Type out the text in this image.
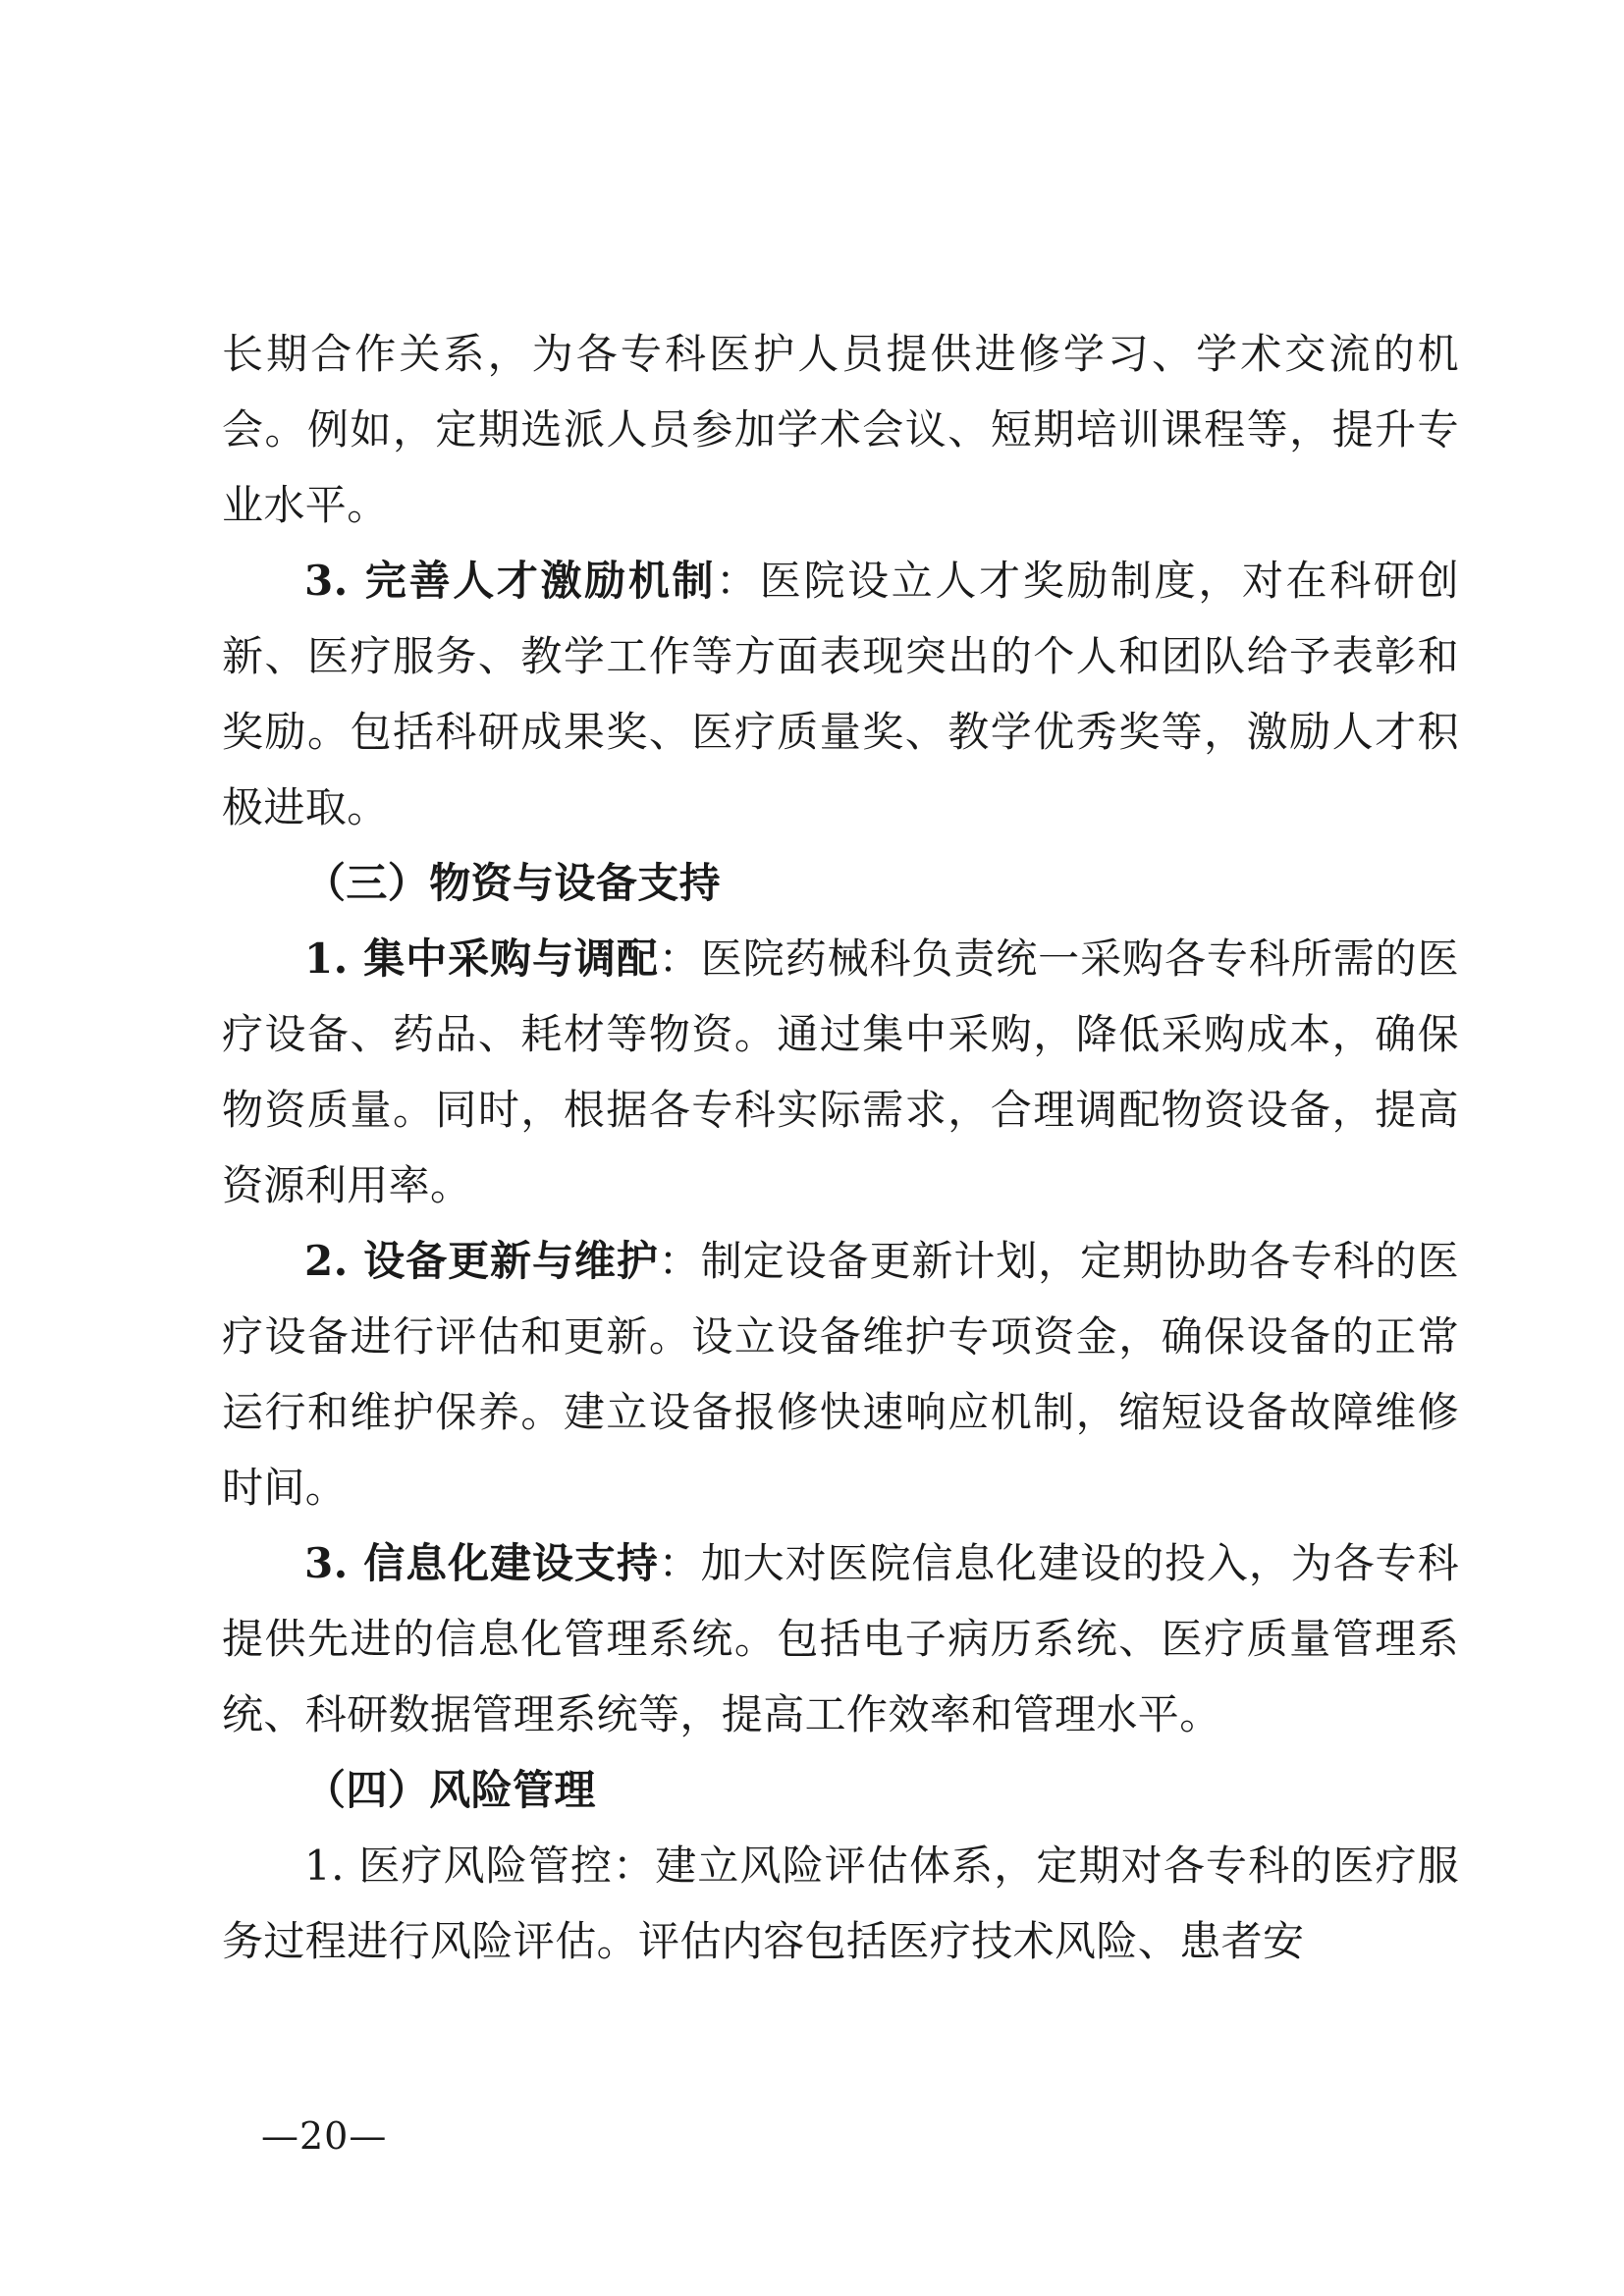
长期合作关系，为各专科医护人员提供进修学习、学术交流的机会。例如，定期选派人员参加学术会议、短期培训课程等，提升专业水平。

3. 完善人才激励机制：医院设立人才奖励制度，对在科研创新、医疗服务、教学工作等方面表现突出的个人和团队给予表彰和奖励。包括科研成果奖、医疗质量奖、教学优秀奖等，激励人才积极进取。

（三）物资与设备支持

1. 集中采购与调配：医院药械科负责统一采购各专科所需的医疗设备、药品、耗材等物资。通过集中采购，降低采购成本，确保物资质量。同时，根据各专科实际需求，合理调配物资设备，提高资源利用率。

2. 设备更新与维护：制定设备更新计划，定期协助各专科的医疗设备进行评估和更新。设立设备维护专项资金，确保设备的正常运行和维护保养。建立设备报修快速响应机制，缩短设备故障维修时间。

3. 信息化建设支持：加大对医院信息化建设的投入，为各专科提供先进的信息化管理系统。包括电子病历系统、医疗质量管理系统、科研数据管理系统等，提高工作效率和管理水平。

（四）风险管理

1. 医疗风险管控：建立风险评估体系，定期对各专科的医疗服务过程进行风险评估。评估内容包括医疗技术风险、患者安

—20—
